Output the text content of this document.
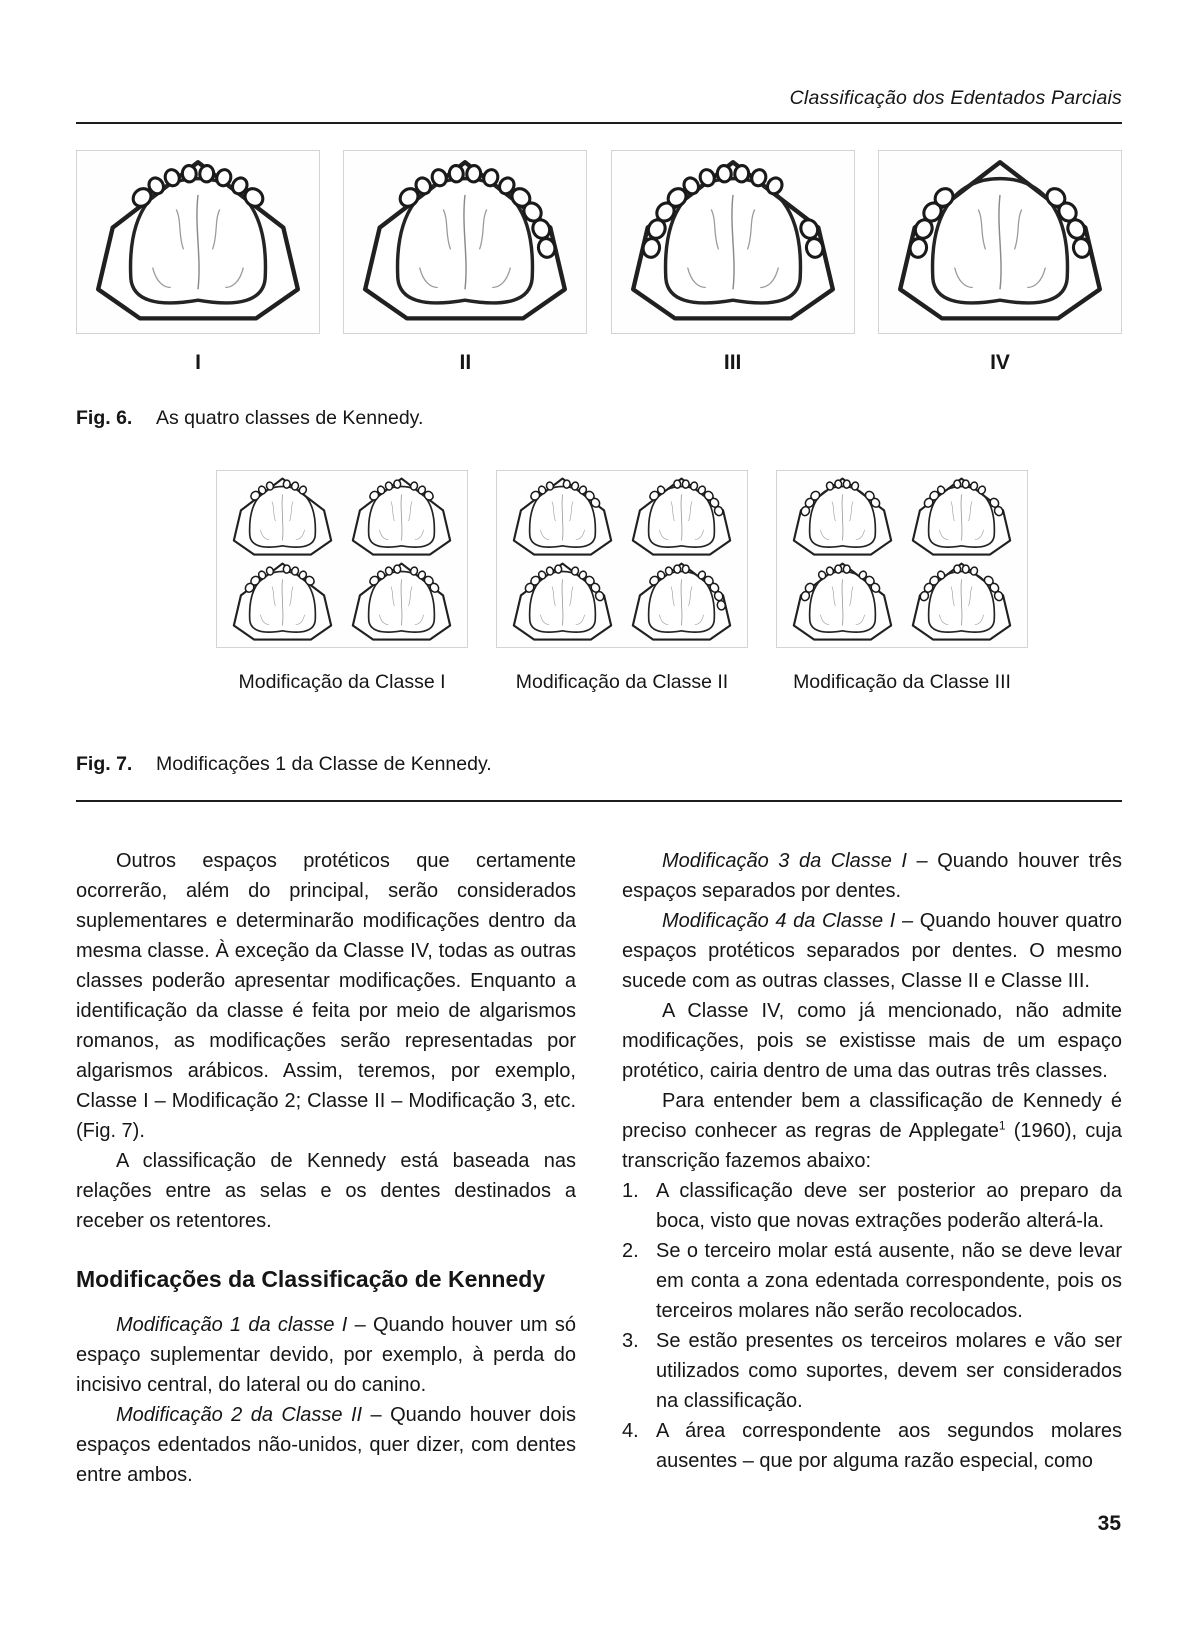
Classificação dos Edentados Parciais
I	II	III	IV
Fig. 6.	As quatro classes de Kennedy.
Modificação da Classe I	Modificação da Classe II	Modificação da Classe III
Fig. 7.	Modificações 1 da Classe de Kennedy.

Outros espaços protéticos que certamente ocorrerão, além do principal, serão considerados suplementares e determinarão modificações dentro da mesma classe. À exceção da Classe IV, todas as outras classes poderão apresentar modificações. Enquanto a identificação da classe é feita por meio de algarismos romanos, as modificações serão representadas por algarismos arábicos. Assim, teremos, por exemplo, Classe I – Modificação 2; Classe II – Modificação 3, etc. (Fig. 7).

A classificação de Kennedy está baseada nas relações entre as selas e os dentes destinados a receber os retentores.

Modificações da Classificação de Kennedy

Modificação 1 da classe I – Quando houver um só espaço suplementar devido, por exemplo, à perda do incisivo central, do lateral ou do canino.

Modificação 2 da Classe II – Quando houver dois espaços edentados não-unidos, quer dizer, com dentes entre ambos.

Modificação 3 da Classe I – Quando houver três espaços separados por dentes.

Modificação 4 da Classe I – Quando houver quatro espaços protéticos separados por dentes. O mesmo sucede com as outras classes, Classe II e Classe III.

A Classe IV, como já mencionado, não admite modificações, pois se existisse mais de um espaço protético, cairia dentro de uma das outras três classes.

Para entender bem a classificação de Kennedy é preciso conhecer as regras de Applegate$^1$ (1960), cuja transcrição fazemos abaixo:

1. A classificação deve ser posterior ao preparo da boca, visto que novas extrações poderão alterá-la.
2. Se o terceiro molar está ausente, não se deve levar em conta a zona edentada correspondente, pois os terceiros molares não serão recolocados.
3. Se estão presentes os terceiros molares e vão ser utilizados como suportes, devem ser considerados na classificação.
4. A área correspondente aos segundos molares ausentes – que por alguma razão especial, como
35
